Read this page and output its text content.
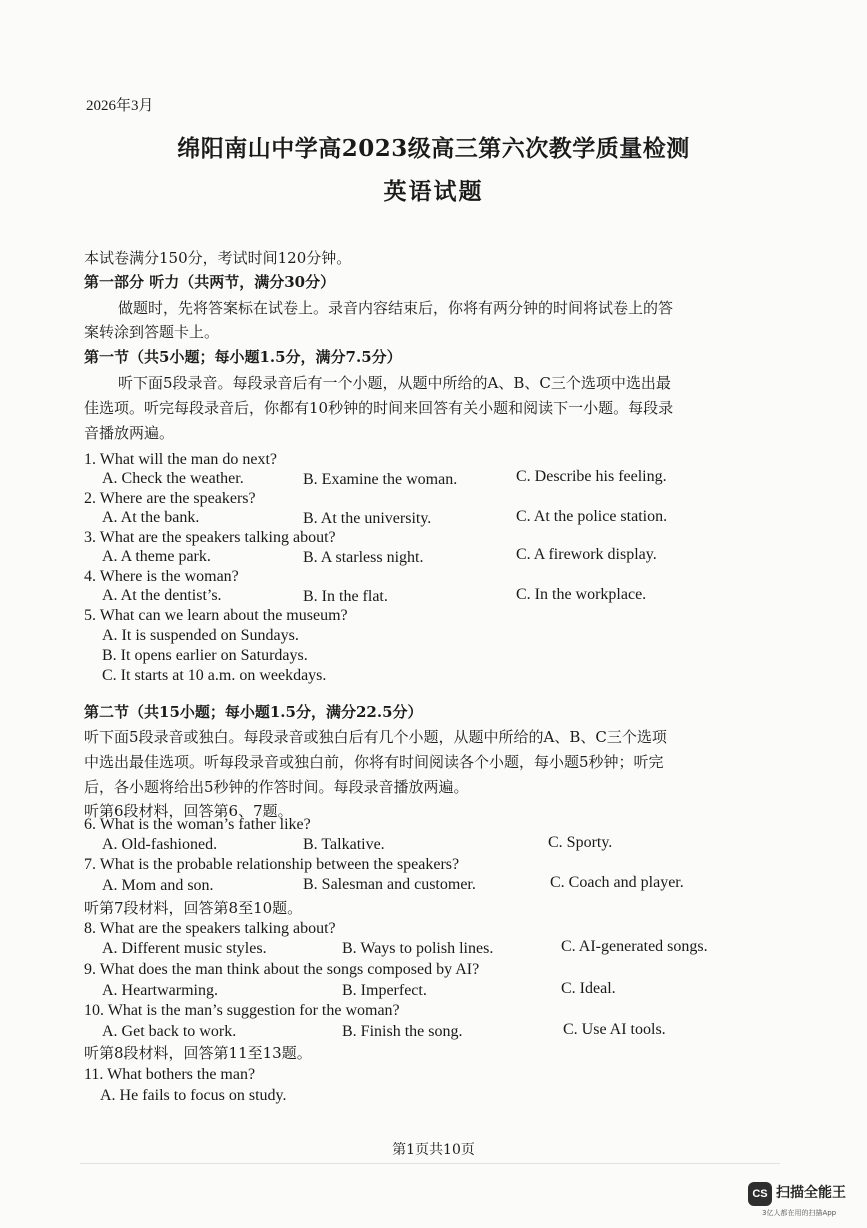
2026年3月
绵阳南山中学高2023级高三第六次教学质量检测
英语试题
本试卷满分150分，考试时间120分钟。
第一部分 听力（共两节，满分30分）
做题时，先将答案标在试卷上。录音内容结束后，你将有两分钟的时间将试卷上的答
案转涂到答题卡上。
第一节（共5小题；每小题1.5分，满分7.5分）
听下面5段录音。每段录音后有一个小题，从题中所给的A、B、C三个选项中选出最
佳选项。听完每段录音后，你都有10秒钟的时间来回答有关小题和阅读下一小题。每段录
音播放两遍。
1. What will the man do next?
A. Check the weather.	B. Examine the woman.	C. Describe his feeling.
2. Where are the speakers?
A. At the bank.	B. At the university.	C. At the police station.
3. What are the speakers talking about?
A. A theme park.	B. A starless night.	C. A firework display.
4. Where is the woman?
A. At the dentist’s.	B. In the flat.	C. In the workplace.
5. What can we learn about the museum?
A. It is suspended on Sundays.
B. It opens earlier on Saturdays.
C. It starts at 10 a.m. on weekdays.
第二节（共15小题；每小题1.5分，满分22.5分）
听下面5段录音或独白。每段录音或独白后有几个小题，从题中所给的A、B、C三个选项
中选出最佳选项。听每段录音或独白前，你将有时间阅读各个小题，每小题5秒钟；听完
后，各小题将给出5秒钟的作答时间。每段录音播放两遍。
听第6段材料，回答第6、7题。
6. What is the woman’s father like?
A. Old-fashioned.	B. Talkative.	C. Sporty.
7. What is the probable relationship between the speakers?
A. Mom and son.	B. Salesman and customer.	C. Coach and player.
听第7段材料，回答第8至10题。
8. What are the speakers talking about?
A. Different music styles.	B. Ways to polish lines.	C. AI-generated songs.
9. What does the man think about the songs composed by AI?
A. Heartwarming.	B. Imperfect.	C. Ideal.
10. What is the man’s suggestion for the woman?
A. Get back to work.	B. Finish the song.	C. Use AI tools.
听第8段材料，回答第11至13题。
11. What bothers the man?
A. He fails to focus on study.
第1页共10页
CS 扫描全能王
3亿人都在用的扫描App
